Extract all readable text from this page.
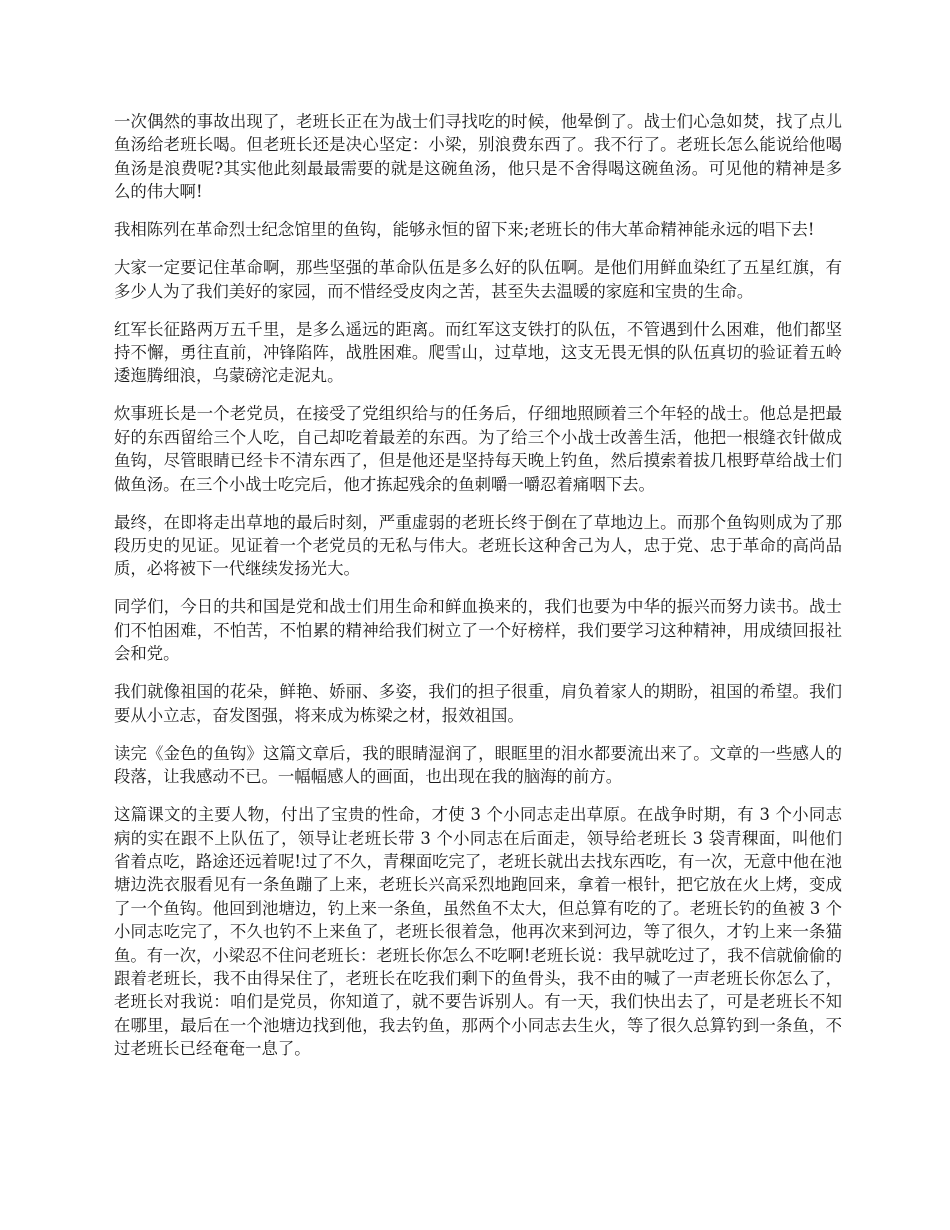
一次偶然的事故出现了，老班长正在为战士们寻找吃的时候，他晕倒了。战士们心急如焚，找了点儿鱼汤给老班长喝。但老班长还是决心坚定：小梁，别浪费东西了。我不行了。老班长怎么能说给他喝鱼汤是浪费呢?其实他此刻最最需要的就是这碗鱼汤，他只是不舍得喝这碗鱼汤。可见他的精神是多么的伟大啊!

我相陈列在革命烈士纪念馆里的鱼钩，能够永恒的留下来;老班长的伟大革命精神能永远的唱下去!

大家一定要记住革命啊，那些坚强的革命队伍是多么好的队伍啊。是他们用鲜血染红了五星红旗，有多少人为了我们美好的家园，而不惜经受皮肉之苦，甚至失去温暖的家庭和宝贵的生命。

红军长征路两万五千里，是多么遥远的距离。而红军这支铁打的队伍，不管遇到什么困难，他们都坚持不懈，勇往直前，冲锋陷阵，战胜困难。爬雪山，过草地，这支无畏无惧的队伍真切的验证着五岭逶迤腾细浪，乌蒙磅沱走泥丸。

炊事班长是一个老党员，在接受了党组织给与的任务后，仔细地照顾着三个年轻的战士。他总是把最好的东西留给三个人吃，自己却吃着最差的东西。为了给三个小战士改善生活，他把一根缝衣针做成鱼钩，尽管眼睛已经卡不清东西了，但是他还是坚持每天晚上钓鱼，然后摸索着拔几根野草给战士们做鱼汤。在三个小战士吃完后，他才拣起残余的鱼刺嚼一嚼忍着痛咽下去。

最终，在即将走出草地的最后时刻，严重虚弱的老班长终于倒在了草地边上。而那个鱼钩则成为了那段历史的见证。见证着一个老党员的无私与伟大。老班长这种舍己为人，忠于党、忠于革命的高尚品质，必将被下一代继续发扬光大。

同学们，今日的共和国是党和战士们用生命和鲜血换来的，我们也要为中华的振兴而努力读书。战士们不怕困难，不怕苦，不怕累的精神给我们树立了一个好榜样，我们要学习这种精神，用成绩回报社会和党。

我们就像祖国的花朵，鲜艳、娇丽、多姿，我们的担子很重，肩负着家人的期盼，祖国的希望。我们要从小立志，奋发图强，将来成为栋梁之材，报效祖国。

读完《金色的鱼钩》这篇文章后，我的眼睛湿润了，眼眶里的泪水都要流出来了。文章的一些感人的段落，让我感动不已。一幅幅感人的画面，也出现在我的脑海的前方。

这篇课文的主要人物，付出了宝贵的性命，才使 3 个小同志走出草原。在战争时期，有 3 个小同志病的实在跟不上队伍了，领导让老班长带 3 个小同志在后面走，领导给老班长 3 袋青稞面，叫他们省着点吃，路途还远着呢!过了不久，青稞面吃完了，老班长就出去找东西吃，有一次，无意中他在池塘边洗衣服看见有一条鱼蹦了上来，老班长兴高采烈地跑回来，拿着一根针，把它放在火上烤，变成了一个鱼钩。他回到池塘边，钓上来一条鱼，虽然鱼不太大，但总算有吃的了。老班长钓的鱼被 3 个小同志吃完了，不久也钓不上来鱼了，老班长很着急，他再次来到河边，等了很久，才钓上来一条猫鱼。有一次，小梁忍不住问老班长：老班长你怎么不吃啊!老班长说：我早就吃过了，我不信就偷偷的跟着老班长，我不由得呆住了，老班长在吃我们剩下的鱼骨头，我不由的喊了一声老班长你怎么了，老班长对我说：咱们是党员，你知道了，就不要告诉别人。有一天，我们快出去了，可是老班长不知在哪里，最后在一个池塘边找到他，我去钓鱼，那两个小同志去生火，等了很久总算钓到一条鱼，不过老班长已经奄奄一息了。
